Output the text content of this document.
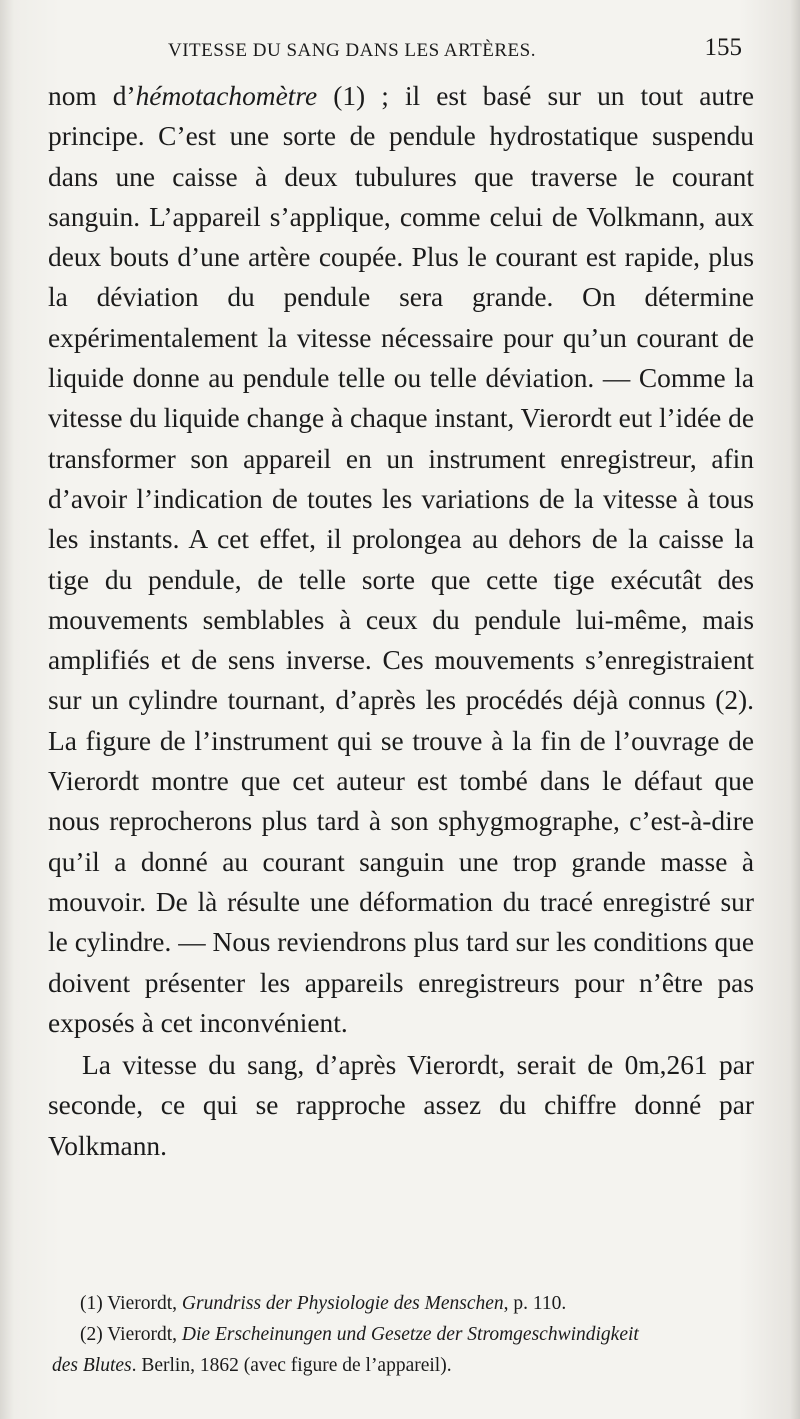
VITESSE DU SANG DANS LES ARTÈRES.	155

nom d’hémotachomètre (1) ; il est basé sur un tout autre principe. C’est une sorte de pendule hydrostatique suspendu dans une caisse à deux tubulures que traverse le courant sanguin. L’appareil s’applique, comme celui de Volkmann, aux deux bouts d’une artère coupée. Plus le courant est rapide, plus la déviation du pendule sera grande. On détermine expérimentalement la vitesse nécessaire pour qu’un courant de liquide donne au pendule telle ou telle déviation. — Comme la vitesse du liquide change à chaque instant, Vierordt eut l’idée de transformer son appareil en un instrument enregistreur, afin d’avoir l’indication de toutes les variations de la vitesse à tous les instants. A cet effet, il prolongea au dehors de la caisse la tige du pendule, de telle sorte que cette tige exécutât des mouvements semblables à ceux du pendule lui-même, mais amplifiés et de sens inverse. Ces mouvements s’enregistraient sur un cylindre tournant, d’après les procédés déjà connus (2). La figure de l’instrument qui se trouve à la fin de l’ouvrage de Vierordt montre que cet auteur est tombé dans le défaut que nous reprocherons plus tard à son sphygmographe, c’est-à-dire qu’il a donné au courant sanguin une trop grande masse à mouvoir. De là résulte une déformation du tracé enregistré sur le cylindre. — Nous reviendrons plus tard sur les conditions que doivent présenter les appareils enregistreurs pour n’être pas exposés à cet inconvénient.

La vitesse du sang, d’après Vierordt, serait de 0m,261 par seconde, ce qui se rapproche assez du chiffre donné par Volkmann.

(1) Vierordt, Grundriss der Physiologie des Menschen, p. 110.

(2) Vierordt, Die Erscheinungen und Gesetze der Stromgeschwindigkeit

des Blutes. Berlin, 1862 (avec figure de l’appareil).
